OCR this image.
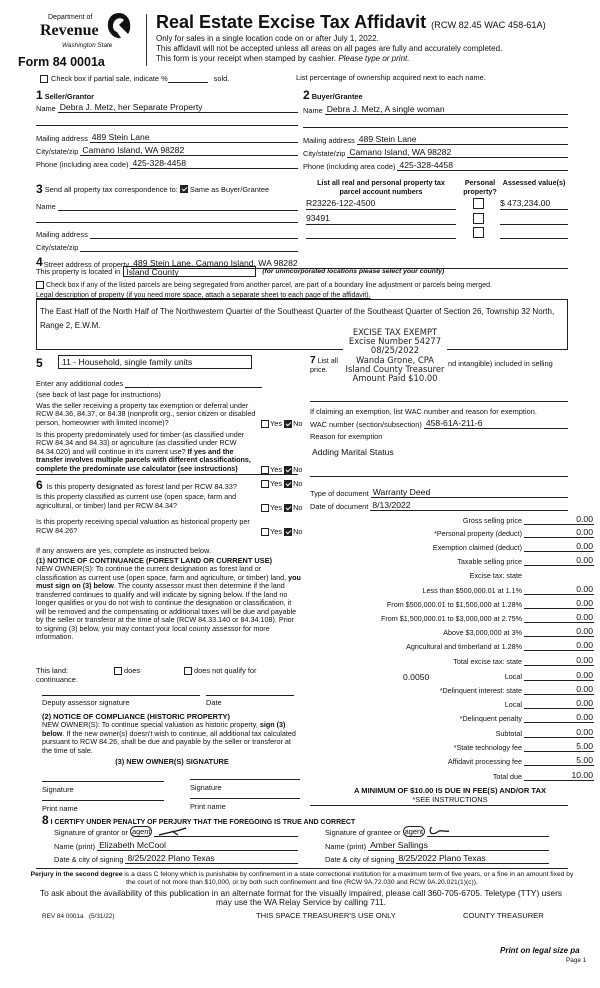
Department of
Revenue
Washington State
Form 84 0001a
Real Estate Excise Tax Affidavit (RCW 82.45 WAC 458-61A)
Only for sales in a single location code on or after July 1, 2022.
This affidavit will not be accepted unless all areas on all pages are fully and accurately completed.
This form is your receipt when stamped by cashier. Please type or print.
Check box if partial sale, indicate %	sold.	List percentage of ownership acquired next to each name.
1 Seller/Grantor
Name Debra J. Metz, her Separate Property
Mailing address 489 Stein Lane
City/state/zip Camano Island, WA 98282
Phone (including area code) 425-328-4458
2 Buyer/Grantee
Name Debra J. Metz, A single woman
Mailing address 489 Stein Lane
City/state/zip Camano Island, WA 98282
Phone (including area code) 425-328-4458
3 Send all property tax correspondence to: Same as Buyer/Grantee
Name
Mailing address
City/state/zip
List all real and personal property tax parcel account numbers
Personal property?
Assessed value(s)
R23226-122-4500	$ 473,234.00
93491
4 Street address of property 489 Stein Lane, Camano Island, WA 98282
This property is located in Island County	(for unincorporated locations please select your county)
Check box if any of the listed parcels are being segregated from another parcel, are part of a boundary line adjustment or parcels being merged.
Legal description of property (if you need more space, attach a separate sheet to each page of the affidavit).
The East Half of the North Half of The Northwestern Quarter of the Southeast Quarter of the Southeast Quarter of Section 26, Township 32 North, Range 2, E.W.M.
EXCISE TAX EXEMPT
Excise Number 54277
08/25/2022
Wanda Grone, CPA
Island County Treasurer
Amount Paid $10.00
5	11 - Household, single family units
Enter any additional codes
(see back of last page for instructions)
Was the seller receiving a property tax exemption or deferral under RCW 84.36, 84.37, or 84.38 (nonprofit org., senior citizen or disabled person, homeowner with limited income)?	Yes No
Is this property predominately used for timber (as classified under RCW 84.34 and 84.33) or agriculture (as classified under RCW 84.34.020) and will continue in it's current use? If yes and the transfer involves multiple parcels with different classifications, complete the predominate use calculator (see instructions)	Yes No
6 Is this property designated as forest land per RCW 84.33?	Yes No
Is this property classified as current use (open space, farm and agricultural, or timber) land per RCW 84.34?	Yes No
Is this property receiving special valuation as historical property per RCW 84.26?	Yes No
If any answers are yes, complete as instructed below.
(1) NOTICE OF CONTINUANCE (FOREST LAND OR CURRENT USE)
NEW OWNER(S): To continue the current designation as forest land or classification as current use (open space, farm and agriculture, or timber) land, you must sign on (3) below. The county assessor must then determine if the land transferred continues to qualify and will indicate by signing below. If the land no longer qualifies or you do not wish to continue the designation or classification, it will be removed and the compensating or additional taxes will be due and payable by the seller or transferor at the time of sale (RCW 84.33.140 or 84.34.108). Prior to signing (3) below, you may contact your local county assessor for more information.
This land:
continuance.
does	does not qualify for
Deputy assessor signature	Date
(2) NOTICE OF COMPLIANCE (HISTORIC PROPERTY)
NEW OWNER(S): To continue special valuation as historic property, sign (3) below. If the new owner(s) doesn't wish to continue, all additional tax calculated pursuant to RCW 84.26, shall be due and payable by the seller or transferor at the time of sale.
(3) NEW OWNER(S) SIGNATURE
Signature	Signature
Print name	Print name
7 List all
price.
nd intangible) included in selling
If claiming an exemption, list WAC number and reason for exemption.
WAC number (section/subsection) 458-61A-211-6
Reason for exemption
Adding Marital Status
Type of document Warranty Deed
Date of document 8/13/2022
Gross selling price	0.00
*Personal property (deduct)	0.00
Exemption claimed (deduct)	0.00
Taxable selling price	0.00
Excise tax: state
Less than $500,000.01 at 1.1%	0.00
From $500,000.01 to $1,500,000 at 1.28%	0.00
From $1,500,000.01 to $3,000,000 at 2.75%	0.00
Above $3,000,000 at 3%	0.00
Agricultural and timberland at 1.28%	0.00
Total excise tax: state	0.00
Local	0.00
0.0050
*Delinquent interest: state	0.00
Local	0.00
*Delinquent penalty	0.00
Subtotal	0.00
*State technology fee	5.00
Affidavit processing fee	5.00
Total due	10.00
A MINIMUM OF $10.00 IS DUE IN FEE(S) AND/OR TAX
*SEE INSTRUCTIONS
8 I CERTIFY UNDER PENALTY OF PERJURY THAT THE FOREGOING IS TRUE AND CORRECT
Signature of grantor or agent
Name (print) Elizabeth McCool
Date & city of signing 8/25/2022 Plano Texas
Signature of grantee or agent
Name (print) Amber Sallings
Date & city of signing 8/25/2022 Plano Texas
Perjury in the second degree is a class C felony which is punishable by confinement in a state correctional institution for a maximum term of five years, or a fine in an amount fixed by the court of not more than $10,000, or by both such confinement and fine (RCW 9A.72.030 and RCW 9A.20.021(1)(c)).
To ask about the availability of this publication in an alternate format for the visually impaired, please call 360-705-6705. Teletype (TTY) users may use the WA Relay Service by calling 711.
REV 84 0001a   (5/31/22)	THIS SPACE TREASURER'S USE ONLY	COUNTY TREASURER
Print on legal size pa
Page 1
